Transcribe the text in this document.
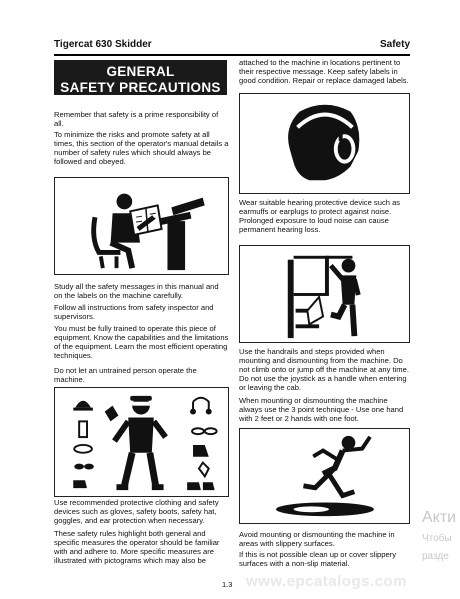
Tigercat 630 Skidder	Safety
GENERAL
SAFETY PRECAUTIONS

Remember that safety is a prime responsibility of all.

To minimize the risks and promote safety at all times, this section of the operator's manual details a number of safety rules which should always be followed and obeyed.

Study all the safety messages in this manual and on the labels on the machine carefully.

Follow all instructions from safety inspector and supervisors.

You must be fully trained to operate this piece of equipment. Know the capabilities and the limitations of the equipment. Learn the most efficient operating techniques.

Do not let an untrained person operate the machine.

Use recommended protective clothing and safety devices such as gloves, safety boots, safety hat, goggles, and ear protection when necessary.

These safety rules highlight both general and specific measures the operator should be familiar with and adhere to. More specific measures are illustrated with pictograms which may also be

attached to the machine in locations pertinent to their respective message. Keep safety labels in good condition. Repair or replace damaged labels.

Wear suitable hearing protective device such as earmuffs or earplugs to protect against noise. Prolonged exposure to loud noise can cause permanent hearing loss.

Use the handrails and steps provided when mounting and dismounting from the machine. Do not climb onto or jump off the machine at any time. Do not use the joystick as a handle when entering or leaving the cab.

When mounting or dismounting the machine always use the 3 point technique - Use one hand with 2 feet or 2 hands with one foot.

Avoid mounting or dismounting the machine in areas with slippery surfaces.

If this is not possible clean up or cover slippery surfaces with a non-slip material.

1.3 www.epcatalogs.com
Акти
Чтобы
разде
